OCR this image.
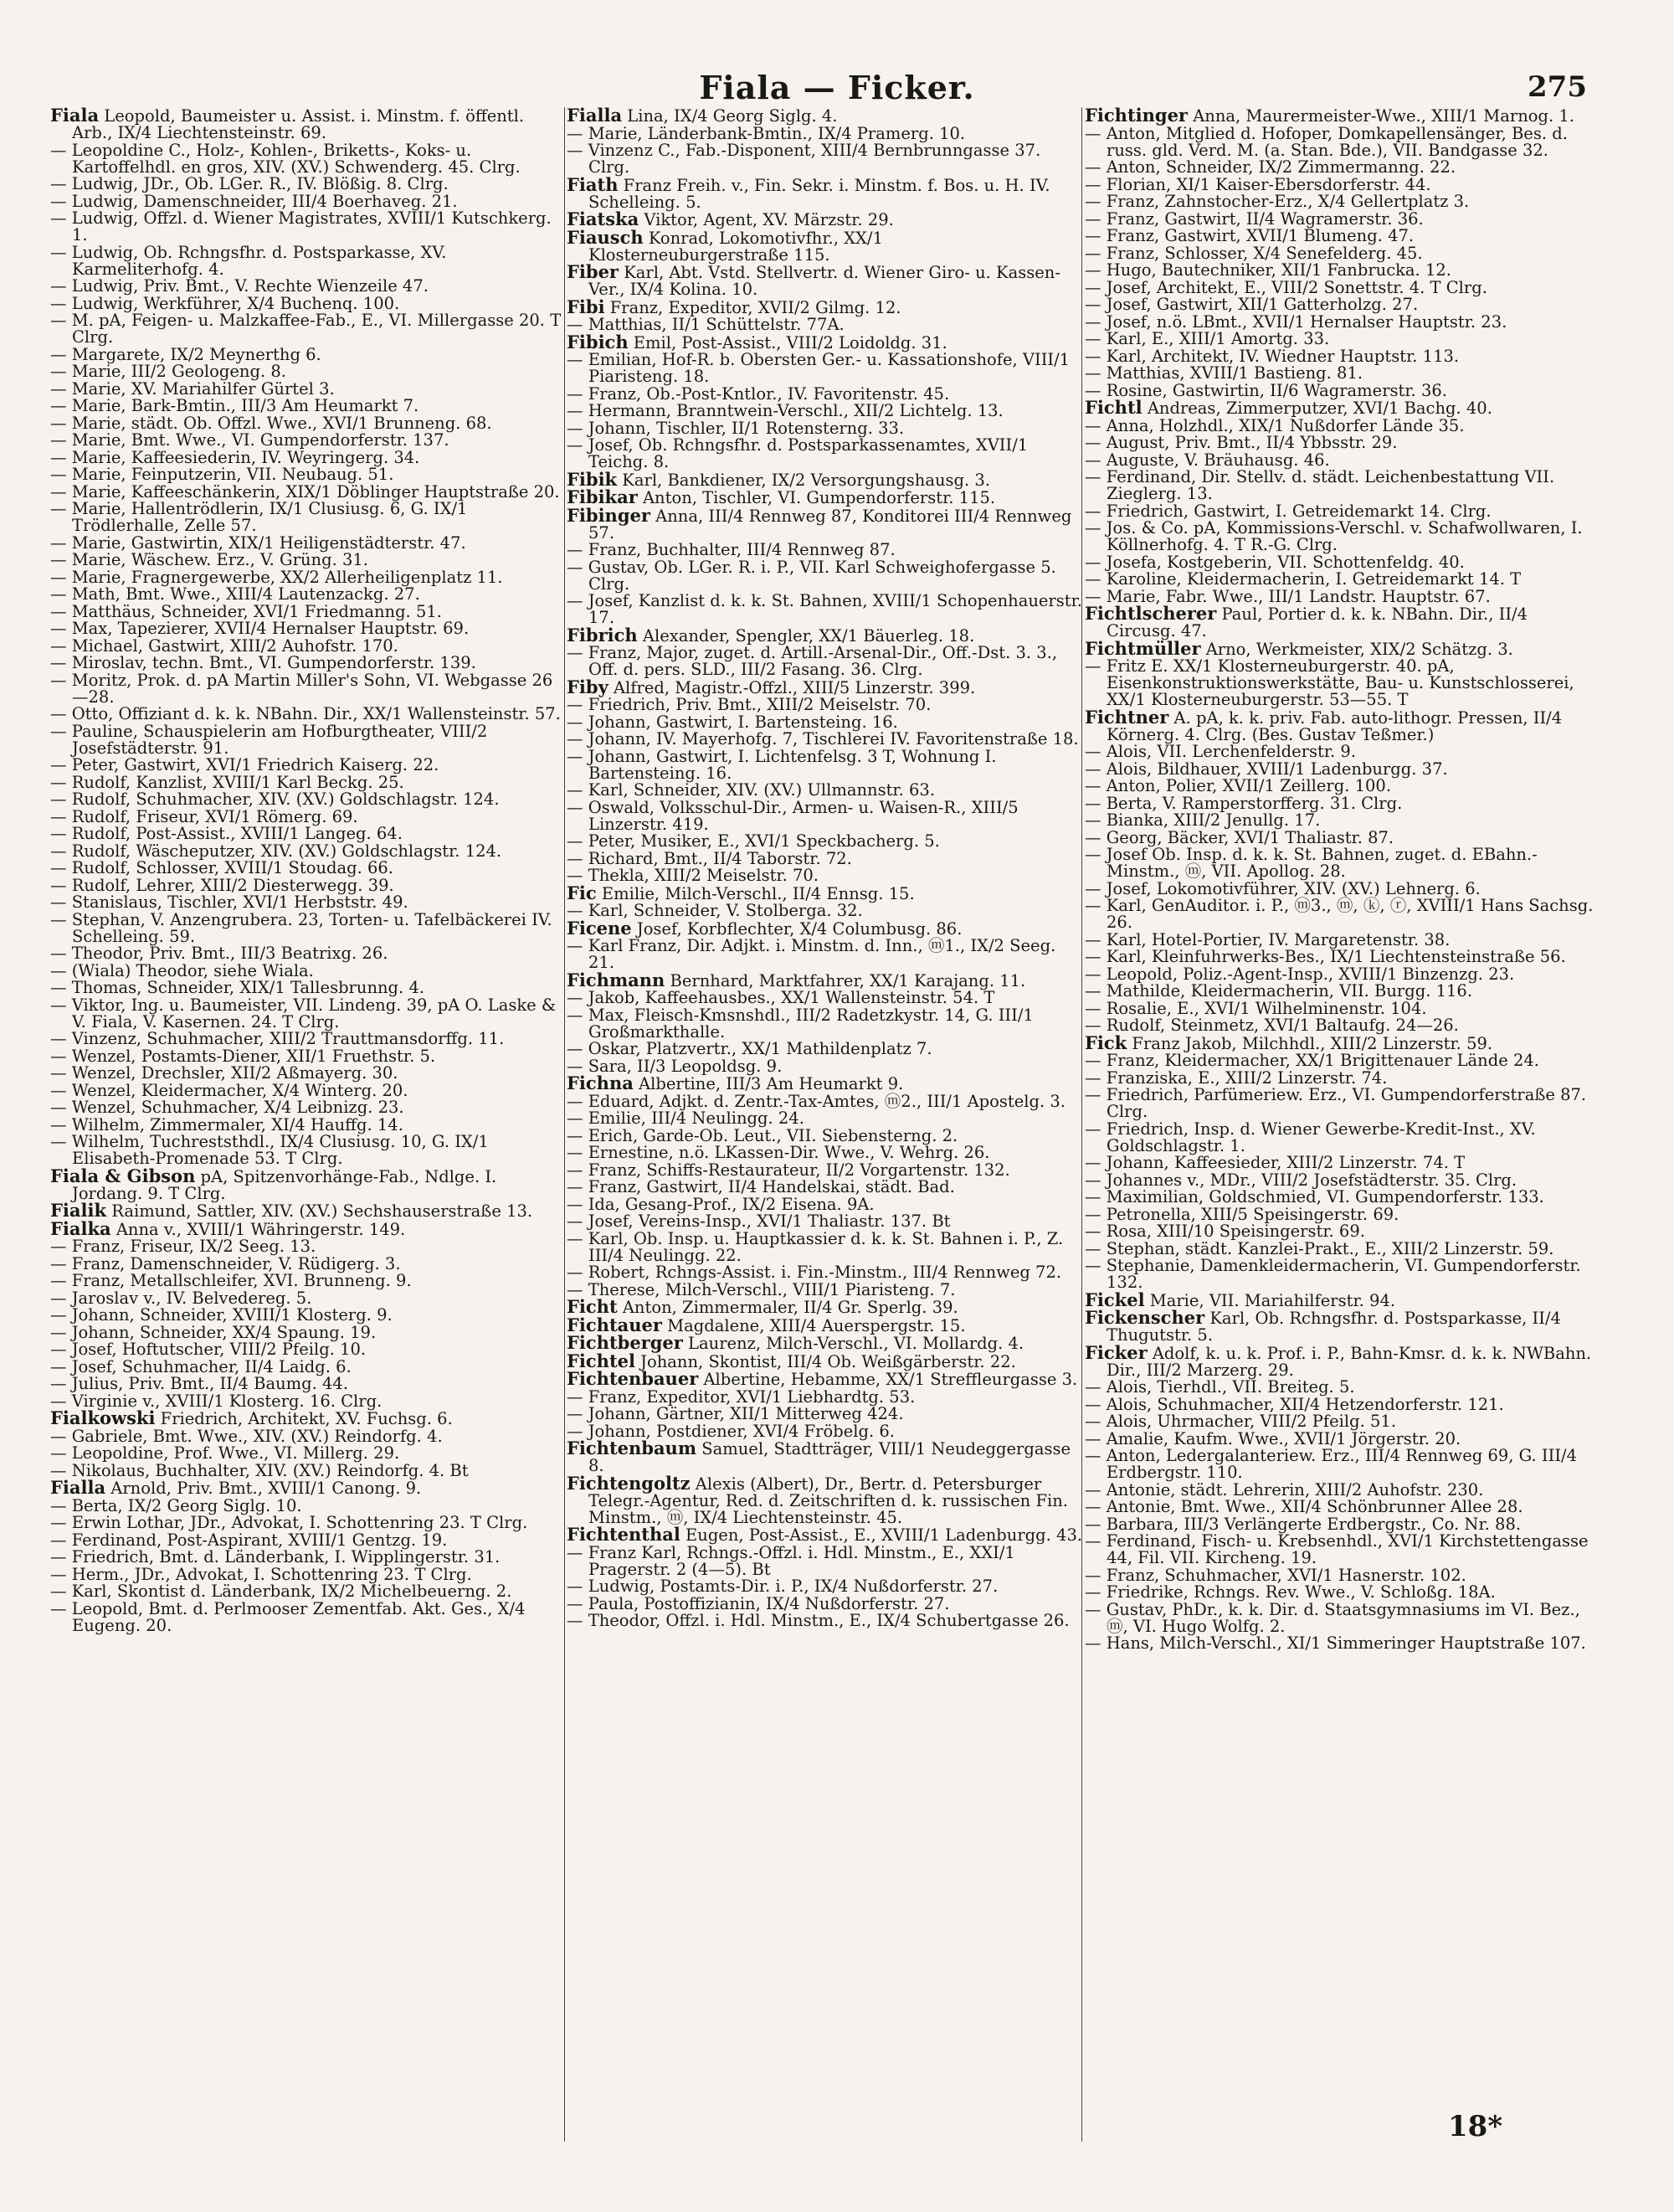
Fiala — Ficker.	275
Fiala Leopold, Baumeister u. Assist. i. Minstm. f. öffentl. Arb., IX/4 Liechtensteinstr. 69.
— Leopoldine C., Holz-, Kohlen-, Briketts-, Koks- u. Kartoffelhdl. en gros, XIV. (XV.) Schwenderg. 45. Clrg.
— Ludwig, JDr., Ob. LGer. R., IV. Blößig. 8. Clrg.
— Ludwig, Damenschneider, III/4 Boerhaveg. 21.
— Ludwig, Offzl. d. Wiener Magistrates, XVIII/1 Kutschkerg. 1.
— Ludwig, Ob. Rchngsfhr. d. Postsparkasse, XV. Karmeliterhofg. 4.
— Ludwig, Priv. Bmt., V. Rechte Wienzeile 47.
— Ludwig, Werkführer, X/4 Buchenq. 100.
— M. pA, Feigen- u. Malzkaffee-Fab., E., VI. Millergasse 20. T Clrg.
— Margarete, IX/2 Meynerthg 6.
— Marie, III/2 Geologeng. 8.
— Marie, XV. Mariahilfer Gürtel 3.
— Marie, Bark-Bmtin., III/3 Am Heumarkt 7.
— Marie, städt. Ob. Offzl. Wwe., XVI/1 Brunneng. 68.
— Marie, Bmt. Wwe., VI. Gumpendorferstr. 137.
— Marie, Kaffeesiederin, IV. Weyringerg. 34.
— Marie, Feinputzerin, VII. Neubaug. 51.
— Marie, Kaffeeschänkerin, XIX/1 Döblinger Hauptstraße 20.
— Marie, Hallentrödlerin, IX/1 Clusiusg. 6, G. IX/1 Trödlerhalle, Zelle 57.
— Marie, Gastwirtin, XIX/1 Heiligenstädterstr. 47.
— Marie, Wäschew. Erz., V. Grüng. 31.
— Marie, Fragnergewerbe, XX/2 Allerheiligenplatz 11.
— Math, Bmt. Wwe., XIII/4 Lautenzackg. 27.
— Matthäus, Schneider, XVI/1 Friedmanng. 51.
— Max, Tapezierer, XVII/4 Hernalser Hauptstr. 69.
— Michael, Gastwirt, XIII/2 Auhofstr. 170.
— Miroslav, techn. Bmt., VI. Gumpendorferstr. 139.
— Moritz, Prok. d. pA Martin Miller's Sohn, VI. Webgasse 26—28.
— Otto, Offiziant d. k. k. NBahn. Dir., XX/1 Wallensteinstr. 57.
— Pauline, Schauspielerin am Hofburgtheater, VIII/2 Josefstädterstr. 91.
— Peter, Gastwirt, XVI/1 Friedrich Kaiserg. 22.
— Rudolf, Kanzlist, XVIII/1 Karl Beckg. 25.
— Rudolf, Schuhmacher, XIV. (XV.) Goldschlagstr. 124.
— Rudolf, Friseur, XVI/1 Römerg. 69.
— Rudolf, Post-Assist., XVIII/1 Langeg. 64.
— Rudolf, Wäscheputzer, XIV. (XV.) Goldschlagstr. 124.
— Rudolf, Schlosser, XVIII/1 Stoudag. 66.
— Rudolf, Lehrer, XIII/2 Diesterwegg. 39.
— Stanislaus, Tischler, XVI/1 Herbststr. 49.
— Stephan, V. Anzengrubera. 23, Torten- u. Tafelbäckerei IV. Schelleing. 59.
— Theodor, Priv. Bmt., III/3 Beatrixg. 26.
— (Wiala) Theodor, siehe Wiala.
— Thomas, Schneider, XIX/1 Tallesbrunng. 4.
— Viktor, Ing. u. Baumeister, VII. Lindeng. 39, pA O. Laske & V. Fiala, V. Kasernen. 24. T Clrg.
— Vinzenz, Schuhmacher, XIII/2 Trauttmansdorffg. 11.
— Wenzel, Postamts-Diener, XII/1 Fruethstr. 5.
— Wenzel, Drechsler, XII/2 Aßmayerg. 30.
— Wenzel, Kleidermacher, X/4 Winterg. 20.
— Wenzel, Schuhmacher, X/4 Leibnizg. 23.
— Wilhelm, Zimmermaler, XI/4 Hauffg. 14.
— Wilhelm, Tuchreststhdl., IX/4 Clusiusg. 10, G. IX/1 Elisabeth-Promenade 53. T Clrg.
Fiala & Gibson pA, Spitzenvorhänge-Fab., Ndlge. I. Jordang. 9. T Clrg.
Fialik Raimund, Sattler, XIV. (XV.) Sechshauserstraße 13.
Fialka Anna v., XVIII/1 Währingerstr. 149.
— Franz, Friseur, IX/2 Seeg. 13.
— Franz, Damenschneider, V. Rüdigerg. 3.
— Franz, Metallschleifer, XVI. Brunneng. 9.
— Jaroslav v., IV. Belvedereg. 5.
— Johann, Schneider, XVIII/1 Klosterg. 9.
— Johann, Schneider, XX/4 Spaung. 19.
— Josef, Hoftutscher, VIII/2 Pfeilg. 10.
— Josef, Schuhmacher, II/4 Laidg. 6.
— Julius, Priv. Bmt., II/4 Baumg. 44.
— Virginie v., XVIII/1 Klosterg. 16. Clrg.
Fialkowski Friedrich, Architekt, XV. Fuchsg. 6.
— Gabriele, Bmt. Wwe., XIV. (XV.) Reindorfg. 4.
— Leopoldine, Prof. Wwe., VI. Millerg. 29.
— Nikolaus, Buchhalter, XIV. (XV.) Reindorfg. 4. Bt
Fialla Arnold, Priv. Bmt., XVIII/1 Canong. 9.
— Berta, IX/2 Georg Siglg. 10.
— Erwin Lothar, JDr., Advokat, I. Schottenring 23. T Clrg.
— Ferdinand, Post-Aspirant, XVIII/1 Gentzg. 19.
— Friedrich, Bmt. d. Länderbank, I. Wipplingerstr. 31.
— Herm., JDr., Advokat, I. Schottenring 23. T Clrg.
— Karl, Skontist d. Länderbank, IX/2 Michelbeuerng. 2.
— Leopold, Bmt. d. Perlmooser Zementfab. Akt. Ges., X/4 Eugeng. 20.
Fialla Lina, IX/4 Georg Siglg. 4.
— Marie, Länderbank-Bmtin., IX/4 Pramerg. 10.
— Vinzenz C., Fab.-Disponent, XIII/4 Bernbrunngasse 37. Clrg.
Fiath Franz Freih. v., Fin. Sekr. i. Minstm. f. Bos. u. H. IV. Schelleing. 5.
Fiatska Viktor, Agent, XV. Märzstr. 29.
Fiausch Konrad, Lokomotivfhr., XX/1 Klosterneuburgerstraße 115.
Fiber Karl, Abt. Vstd. Stellvertr. d. Wiener Giro- u. Kassen-Ver., IX/4 Kolina. 10.
Fibi Franz, Expeditor, XVII/2 Gilmg. 12.
— Matthias, II/1 Schüttelstr. 77A.
Fibich Emil, Post-Assist., VIII/2 Loidoldg. 31.
— Emilian, Hof-R. b. Obersten Ger.- u. Kassationshofe, VIII/1 Piaristeng. 18.
— Franz, Ob.-Post-Kntlor., IV. Favoritenstr. 45.
— Hermann, Branntwein-Verschl., XII/2 Lichtelg. 13.
— Johann, Tischler, II/1 Rotensterng. 33.
— Josef, Ob. Rchngsfhr. d. Postsparkassenamtes, XVII/1 Teichg. 8.
Fibik Karl, Bankdiener, IX/2 Versorgungshausg. 3.
Fibikar Anton, Tischler, VI. Gumpendorferstr. 115.
Fibinger Anna, III/4 Rennweg 87, Konditorei III/4 Rennweg 57.
— Franz, Buchhalter, III/4 Rennweg 87.
— Gustav, Ob. LGer. R. i. P., VII. Karl Schweighofergasse 5. Clrg.
— Josef, Kanzlist d. k. k. St. Bahnen, XVIII/1 Schopenhauerstr. 17.
Fibrich Alexander, Spengler, XX/1 Bäuerleg. 18.
— Franz, Major, zuget. d. Artill.-Arsenal-Dir., Off.-Dst. 3. 3., Off. d. pers. SLD., III/2 Fasang. 36. Clrg.
Fiby Alfred, Magistr.-Offzl., XIII/5 Linzerstr. 399.
— Friedrich, Priv. Bmt., XIII/2 Meiselstr. 70.
— Johann, Gastwirt, I. Bartensteing. 16.
— Johann, IV. Mayerhofg. 7, Tischlerei IV. Favoritenstraße 18.
— Johann, Gastwirt, I. Lichtenfelsg. 3 T, Wohnung I. Bartensteing. 16.
— Karl, Schneider, XIV. (XV.) Ullmannstr. 63.
— Oswald, Volksschul-Dir., Armen- u. Waisen-R., XIII/5 Linzerstr. 419.
— Peter, Musiker, E., XVI/1 Speckbacherg. 5.
— Richard, Bmt., II/4 Taborstr. 72.
— Thekla, XIII/2 Meiselstr. 70.
Fic Emilie, Milch-Verschl., II/4 Ennsg. 15.
— Karl, Schneider, V. Stolberga. 32.
Ficene Josef, Korbflechter, X/4 Columbusg. 86.
— Karl Franz, Dir. Adjkt. i. Minstm. d. Inn., ⓜ1., IX/2 Seeg. 21.
Fichmann Bernhard, Marktfahrer, XX/1 Karajang. 11.
— Jakob, Kaffeehausbes., XX/1 Wallensteinstr. 54. T
— Max, Fleisch-Kmsnshdl., III/2 Radetzkystr. 14, G. III/1 Großmarkthalle.
— Oskar, Platzvertr., XX/1 Mathildenplatz 7.
— Sara, II/3 Leopoldsg. 9.
Fichna Albertine, III/3 Am Heumarkt 9.
— Eduard, Adjkt. d. Zentr.-Tax-Amtes, ⓜ2., III/1 Apostelg. 3.
— Emilie, III/4 Neulingg. 24.
— Erich, Garde-Ob. Leut., VII. Siebensterng. 2.
— Ernestine, n.ö. LKassen-Dir. Wwe., V. Wehrg. 26.
— Franz, Schiffs-Restaurateur, II/2 Vorgartenstr. 132.
— Franz, Gastwirt, II/4 Handelskai, städt. Bad.
— Ida, Gesang-Prof., IX/2 Eisena. 9A.
— Josef, Vereins-Insp., XVI/1 Thaliastr. 137. Bt
— Karl, Ob. Insp. u. Hauptkassier d. k. k. St. Bahnen i. P., Z. III/4 Neulingg. 22.
— Robert, Rchngs-Assist. i. Fin.-Minstm., III/4 Rennweg 72.
— Therese, Milch-Verschl., VIII/1 Piaristeng. 7.
Ficht Anton, Zimmermaler, II/4 Gr. Sperlg. 39.
Fichtauer Magdalene, XIII/4 Auerspergstr. 15.
Fichtberger Laurenz, Milch-Verschl., VI. Mollardg. 4.
Fichtel Johann, Skontist, III/4 Ob. Weißgärberstr. 22.
Fichtenbauer Albertine, Hebamme, XX/1 Streffleurgasse 3.
— Franz, Expeditor, XVI/1 Liebhardtg. 53.
— Johann, Gärtner, XII/1 Mitterweg 424.
— Johann, Postdiener, XVI/4 Fröbelg. 6.
Fichtenbaum Samuel, Stadtträger, VIII/1 Neudeggergasse 8.
Fichtengoltz Alexis (Albert), Dr., Bertr. d. Petersburger Telegr.-Agentur, Red. d. Zeitschriften d. k. russischen Fin. Minstm., ⓜ, IX/4 Liechtensteinstr. 45.
Fichtenthal Eugen, Post-Assist., E., XVIII/1 Ladenburgg. 43.
— Franz Karl, Rchngs.-Offzl. i. Hdl. Minstm., E., XXI/1 Pragerstr. 2 (4—5). Bt
— Ludwig, Postamts-Dir. i. P., IX/4 Nußdorferstr. 27.
— Paula, Postoffizianin, IX/4 Nußdorferstr. 27.
— Theodor, Offzl. i. Hdl. Minstm., E., IX/4 Schubertgasse 26.
Fichtinger Anna, Maurermeister-Wwe., XIII/1 Marnog. 1.
— Anton, Mitglied d. Hofoper, Domkapellensänger, Bes. d. russ. gld. Verd. M. (a. Stan. Bde.), VII. Bandgasse 32.
— Anton, Schneider, IX/2 Zimmermanng. 22.
— Florian, XI/1 Kaiser-Ebersdorferstr. 44.
— Franz, Zahnstocher-Erz., X/4 Gellertplatz 3.
— Franz, Gastwirt, II/4 Wagramerstr. 36.
— Franz, Gastwirt, XVII/1 Blumeng. 47.
— Franz, Schlosser, X/4 Senefelderg. 45.
— Hugo, Bautechniker, XII/1 Fanbrucka. 12.
— Josef, Architekt, E., VIII/2 Sonettstr. 4. T Clrg.
— Josef, Gastwirt, XII/1 Gatterholzg. 27.
— Josef, n.ö. LBmt., XVII/1 Hernalser Hauptstr. 23.
— Karl, E., XIII/1 Amortg. 33.
— Karl, Architekt, IV. Wiedner Hauptstr. 113.
— Matthias, XVIII/1 Bastieng. 81.
— Rosine, Gastwirtin, II/6 Wagramerstr. 36.
Fichtl Andreas, Zimmerputzer, XVI/1 Bachg. 40.
— Anna, Holzhdl., XIX/1 Nußdorfer Lände 35.
— August, Priv. Bmt., II/4 Ybbsstr. 29.
— Auguste, V. Bräuhausg. 46.
— Ferdinand, Dir. Stellv. d. städt. Leichenbestattung VII. Zieglerg. 13.
— Friedrich, Gastwirt, I. Getreidemarkt 14. Clrg.
— Jos. & Co. pA, Kommissions-Verschl. v. Schafwollwaren, I. Köllnerhofg. 4. T R.-G. Clrg.
— Josefa, Kostgeberin, VII. Schottenfeldg. 40.
— Karoline, Kleidermacherin, I. Getreidemarkt 14. T
— Marie, Fabr. Wwe., III/1 Landstr. Hauptstr. 67.
Fichtlscherer Paul, Portier d. k. k. NBahn. Dir., II/4 Circusg. 47.
Fichtmüller Arno, Werkmeister, XIX/2 Schätzg. 3.
— Fritz E. XX/1 Klosterneuburgerstr. 40. pA, Eisenkonstruktionswerkstätte, Bau- u. Kunstschlosserei, XX/1 Klosterneuburgerstr. 53—55. T
Fichtner A. pA, k. k. priv. Fab. auto-lithogr. Pressen, II/4 Körnerg. 4. Clrg. (Bes. Gustav Teßmer.)
— Alois, VII. Lerchenfelderstr. 9.
— Alois, Bildhauer, XVIII/1 Ladenburgg. 37.
— Anton, Polier, XVII/1 Zeillerg. 100.
— Berta, V. Ramperstorfferg. 31. Clrg.
— Bianka, XIII/2 Jenullg. 17.
— Georg, Bäcker, XVI/1 Thaliastr. 87.
— Josef Ob. Insp. d. k. k. St. Bahnen, zuget. d. EBahn.-Minstm., ⓜ, VII. Apollog. 28.
— Josef, Lokomotivführer, XIV. (XV.) Lehnerg. 6.
— Karl, GenAuditor. i. P., ⓜ3., ⓜ, ⓚ, ⓡ, XVIII/1 Hans Sachsg. 26.
— Karl, Hotel-Portier, IV. Margaretenstr. 38.
— Karl, Kleinfuhrwerks-Bes., IX/1 Liechtensteinstraße 56.
— Leopold, Poliz.-Agent-Insp., XVIII/1 Binzenzg. 23.
— Mathilde, Kleidermacherin, VII. Burgg. 116.
— Rosalie, E., XVI/1 Wilhelminenstr. 104.
— Rudolf, Steinmetz, XVI/1 Baltaufg. 24—26.
Fick Franz Jakob, Milchhdl., XIII/2 Linzerstr. 59.
— Franz, Kleidermacher, XX/1 Brigittenauer Lände 24.
— Franziska, E., XIII/2 Linzerstr. 74.
— Friedrich, Parfümeriew. Erz., VI. Gumpendorferstraße 87. Clrg.
— Friedrich, Insp. d. Wiener Gewerbe-Kredit-Inst., XV. Goldschlagstr. 1.
— Johann, Kaffeesieder, XIII/2 Linzerstr. 74. T
— Johannes v., MDr., VIII/2 Josefstädterstr. 35. Clrg.
— Maximilian, Goldschmied, VI. Gumpendorferstr. 133.
— Petronella, XIII/5 Speisingerstr. 69.
— Rosa, XIII/10 Speisingerstr. 69.
— Stephan, städt. Kanzlei-Prakt., E., XIII/2 Linzerstr. 59.
— Stephanie, Damenkleidermacherin, VI. Gumpendorferstr. 132.
Fickel Marie, VII. Mariahilferstr. 94.
Fickenscher Karl, Ob. Rchngsfhr. d. Postsparkasse, II/4 Thugutstr. 5.
Ficker Adolf, k. u. k. Prof. i. P., Bahn-Kmsr. d. k. k. NWBahn. Dir., III/2 Marzerg. 29.
— Alois, Tierhdl., VII. Breiteg. 5.
— Alois, Schuhmacher, XII/4 Hetzendorferstr. 121.
— Alois, Uhrmacher, VIII/2 Pfeilg. 51.
— Amalie, Kaufm. Wwe., XVII/1 Jörgerstr. 20.
— Anton, Ledergalanteriew. Erz., III/4 Rennweg 69, G. III/4 Erdbergstr. 110.
— Antonie, städt. Lehrerin, XIII/2 Auhofstr. 230.
— Antonie, Bmt. Wwe., XII/4 Schönbrunner Allee 28.
— Barbara, III/3 Verlängerte Erdbergstr., Co. Nr. 88.
— Ferdinand, Fisch- u. Krebsenhdl., XVI/1 Kirchstettengasse 44, Fil. VII. Kircheng. 19.
— Franz, Schuhmacher, XVI/1 Hasnerstr. 102.
— Friedrike, Rchngs. Rev. Wwe., V. Schloßg. 18A.
— Gustav, PhDr., k. k. Dir. d. Staatsgymnasiums im VI. Bez., ⓜ, VI. Hugo Wolfg. 2.
— Hans, Milch-Verschl., XI/1 Simmeringer Hauptstraße 107.
18*
